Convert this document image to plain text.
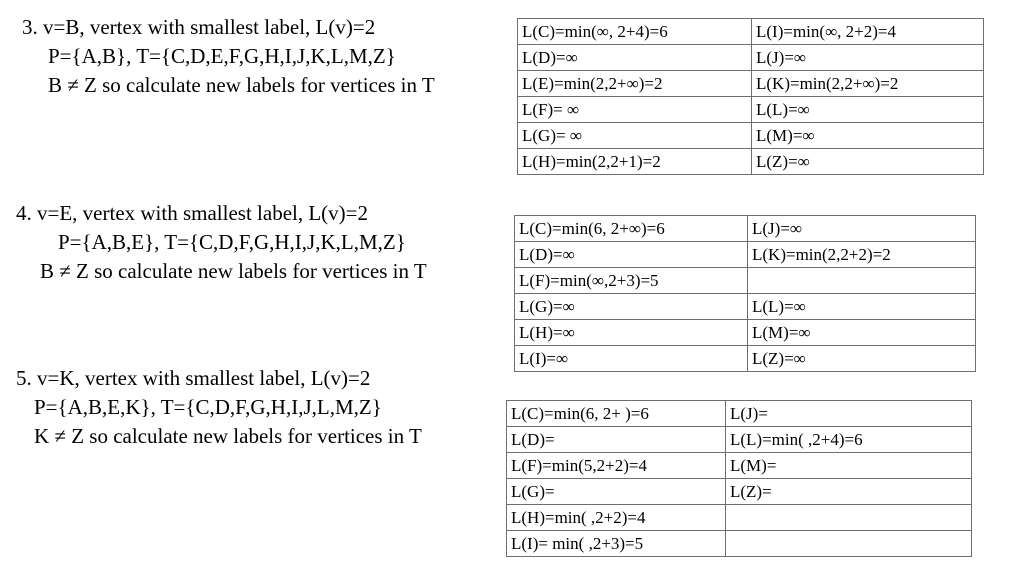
3. v=B, vertex with smallest label, L(v)=2
P={A,B}, T={C,D,E,F,G,H,I,J,K,L,M,Z}
B ≠ Z so calculate new labels for vertices in T
L(C)=min(∞, 2+4)=6	L(I)=min(∞, 2+2)=4
L(D)=∞	L(J)=∞
L(E)=min(2,2+∞)=2	L(K)=min(2,2+∞)=2
L(F)= ∞	L(L)=∞
L(G)= ∞	L(M)=∞
L(H)=min(2,2+1)=2	L(Z)=∞
4. v=E, vertex with smallest label, L(v)=2
P={A,B,E}, T={C,D,F,G,H,I,J,K,L,M,Z}
B ≠ Z so calculate new labels for vertices in T
L(C)=min(6, 2+∞)=6	L(J)=∞
L(D)=∞	L(K)=min(2,2+2)=2
L(F)=min(∞,2+3)=5	
L(G)=∞	L(L)=∞
L(H)=∞	L(M)=∞
L(I)=∞	L(Z)=∞
5. v=K, vertex with smallest label, L(v)=2
P={A,B,E,K}, T={C,D,F,G,H,I,J,L,M,Z}
K ≠ Z so calculate new labels for vertices in T
L(C)=min(6, 2+ )=6	L(J)=
L(D)=	L(L)=min( ,2+4)=6
L(F)=min(5,2+2)=4	L(M)=
L(G)=	L(Z)=
L(H)=min( ,2+2)=4	
L(I)= min( ,2+3)=5	
